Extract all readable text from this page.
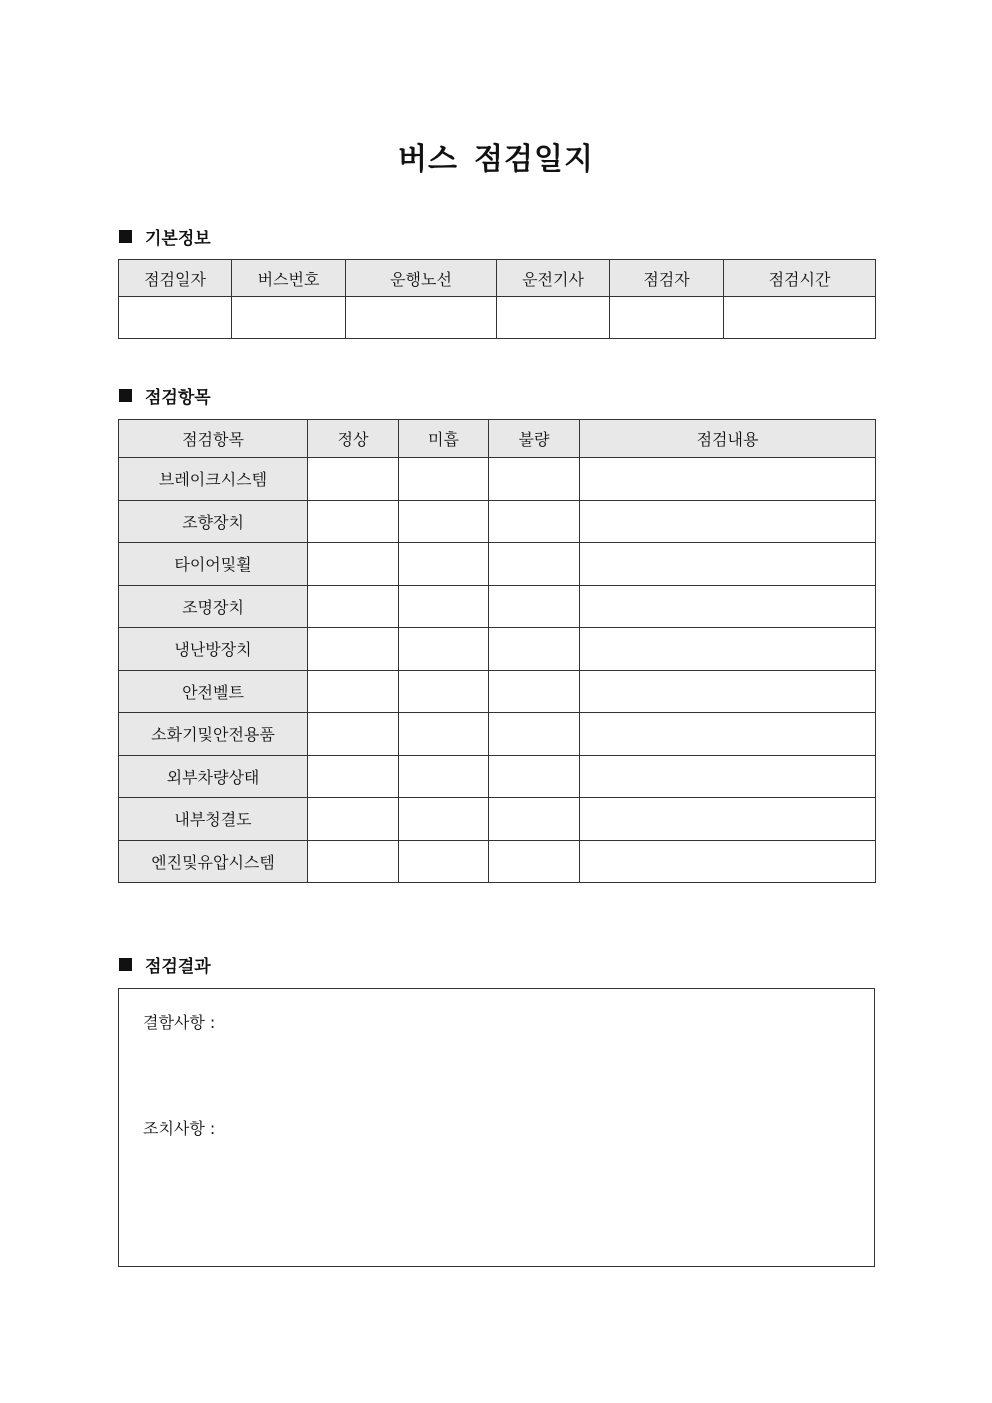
버스 점검일지
기본정보
점검일자	버스번호	운행노선	운전기사	점검자	점검시간

점검항목
점검항목	정상	미흡	불량	점검내용
브레이크시스템				
조향장치				
타이어및휠				
조명장치				
냉난방장치				
안전벨트				
소화기및안전용품				
외부차량상태				
내부청결도				
엔진및유압시스템				
점검결과
결함사항 :
조치사항 :
